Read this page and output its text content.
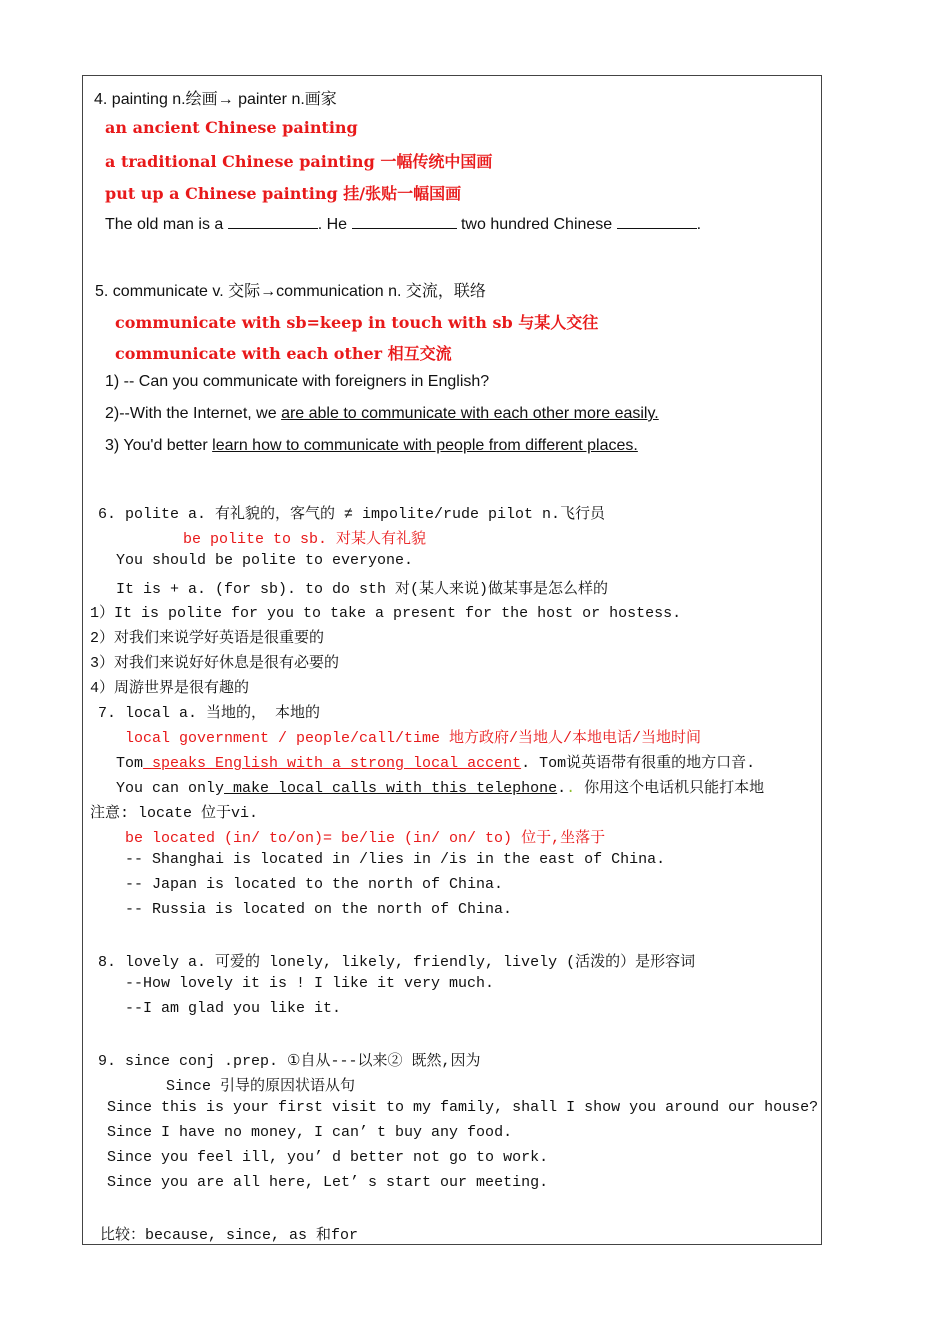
4. painting n.绘画→ painter n.画家
an ancient Chinese painting
a traditional Chinese painting 一幅传统中国画
put up a Chinese painting 挂/张贴一幅国画
The old man is a	. He	two hundred Chinese	.
5. communicate v. 交际→communication n. 交流，联络
communicate with sb=keep in touch with sb 与某人交往
communicate with each other 相互交流
1) -- Can you communicate with foreigners in English?
2)--With the Internet, we are able to communicate with each other more easily.
3) You'd better learn how to communicate with people from different places.
6. polite a. 有礼貌的，客气的 ≠ impolite/rude pilot n.飞行员
be polite to sb. 对某人有礼貌
You should be polite to everyone.
It is + a. (for sb). to do sth 对(某人来说)做某事是怎么样的
1）It is polite for you to take a present for the host or hostess.
2）对我们来说学好英语是很重要的
3）对我们来说好好休息是很有必要的
4）周游世界是很有趣的
7. local a. 当地的， 本地的
local government / people/call/time 地方政府/当地人/本地电话/当地时间
Tom speaks English with a strong local accent. Tom说英语带有很重的地方口音.
You can only make local calls with this telephone.. 你用这个电话机只能打本地
注意: locate 位于vi.
be located (in/ to/on)= be/lie (in/ on/ to) 位于,坐落于
-- Shanghai is located in /lies in /is in the east of China.
-- Japan is located to the north of China.
-- Russia is located on the north of China.
8. lovely a. 可爱的 lonely, likely, friendly, lively (活泼的）是形容词
--How lovely it is ! I like it very much.
--I am glad you like it.
9. since conj .prep. ①自从---以来② 既然,因为
Since 引导的原因状语从句
Since this is your first visit to my family, shall I show you around our house?
Since I have no money, I can’ t buy any food.
Since you feel ill, you’ d better not go to work.
Since you are all here, Let’ s start our meeting.
比较：because, since, as 和for
